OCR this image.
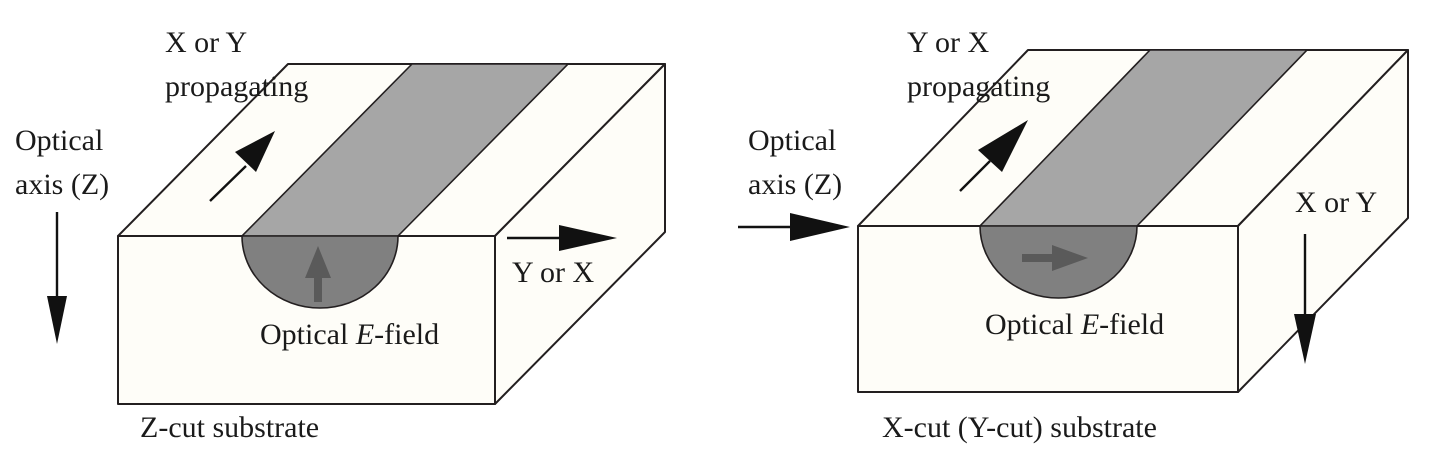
X or Y
propagating
Optical
axis (Z)
Y or X
Optical E-field
Z-cut substrate
Y or X
propagating
Optical
axis (Z)
X or Y
Optical E-field
X-cut (Y-cut) substrate
